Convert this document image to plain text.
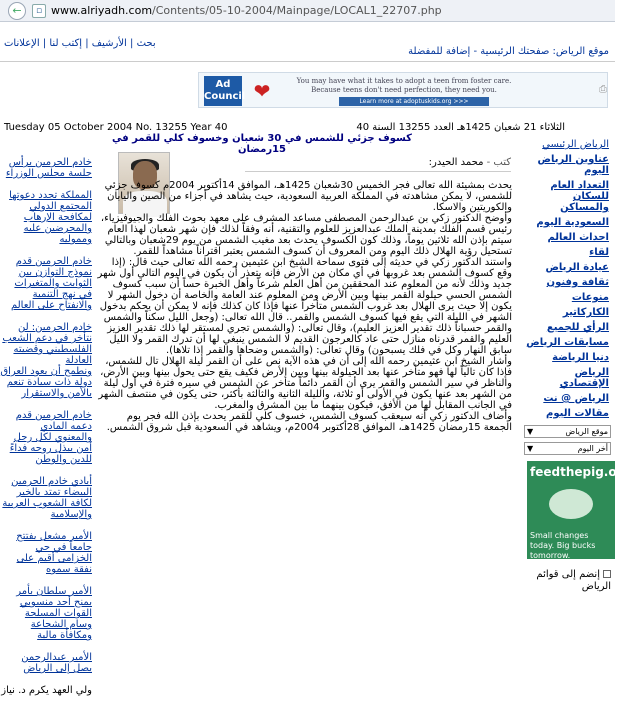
←	▫ www.alriyadh.com/Contents/05-10-2004/Mainpage/LOCAL1_22707.php
بحث | الأرشيف | إكتب لنا | الإعلانات
موقع الرياض: صفحتك الرئيسية - إضافة للمفضلة
Ad Council ❤	You may have what it takes to adopt a teen from foster care. Because teens don't need perfection, they need you.
Learn more at adoptuskids.org >>>
⎙
Tuesday 05 October 2004 No. 13255 Year 40	الثلاثاء 21 شعبان 1425هـ العدد 13255 السنة 40
كسوف جزئي للشمس في 30 شعبان وخسوف كلي للقمر في 15رمضان	الرياض الرئيسي
عناوين الرياض اليوم
التعداد العام للسكان والمساكن
السعودية اليوم
احداث العالم
لقاء
عيادة الرياض
ثقافة وفنون
منوعات
الكاركاتير
الرأي للجميع
مسابقات الرياض
دنيا الرياضة
الرياض الإقتصادي
الرياض @ نت
مقالات اليوم
موقع الرياض
▼
أخر اليوم
▼
feedthepig.org
Small changes today. Big bucks tomorrow.
إنضم إلى قوائم الرياض
خادم الحرمين يرأس جلسة مجلس الوزراء
المملكة تجدد دعوتها المجتمع الدولي لمكافحة الإرهاب والمحرضين عليه ومموليه
خادم الحرمين قدم نموذج التوازن بين الثوابت والمتغيرات في نهج التنمية والانفتاح على العالم
خادم الحرمين: لن نتأخر في دعم الشعب الفلسطيني وقضيته العادلة
ونطمح أن يعود العراق دولة ذات سيادة تنعم بالأمن والاستقرار
خادم الحرمين قدم دعمه المادي والمعنوي لكل رجل أمن يبذل روحه فداءً للدين والوطن
أيادي خادم الحرمين البيضاء تمتد بالخير لكافة الشعوب العربية والإسلامية
الأمير مشعل يفتتح جامعاً في حي الخزامى أقيم على نفقة سموه
الأمير سلطان بأمر بمنح أحد منسوبي القوات المسلحة وسام الشجاعة ومكافأة مالية
الأمير عبدالرحمن يصل إلى الرياض
ولي العهد يكرم د. نياز
كتب - محمد الحيدر:

يحدث بمشيئة الله تعالى فجر الخميس 30شعبان 1425هـ، الموافق 14أكتوبر 2004م كسوف جزئي للشمس، لا يمكن مشاهدته في المملكة العربية السعودية، حيث يشاهد في أجزاء من الصين واليابان والكوريتين والاسكا.

وأوضح الدكتور زكي بن عبدالرحمن المصطفى مساعد المشرف على معهد بحوث الفلك والجيوفيزياء، رئيس قسم الفلك بمدينة الملك عبدالعزيز للعلوم والتقنية، أنه وفقاً لذلك فإن شهر شعبان لهذا العام سيتم بإذن الله ثلاثين يوماً، وذلك كون الكسوف يحدث بعد مغيب الشمس من يوم 29شعبان وبالتالي تستحيل رؤية الهلال ذلك اليوم ومن المعروف أن كسوف الشمس يعتبر اقتراناً مشاهداً للقمر.

واستند الدكتور زكي في حديثه إلى فتوى سماحة الشيخ ابن عثيمين رحمه الله تعالى حيث قال: (إذا وقع كسوف الشمس بعد غروبها في أي مكان من الأرض فإنه يتعذر أن يكون في اليوم التالي أول شهر جديد وذلك لأنه من المعلوم عند المحققين من أهل العلم شرعاً وأهل الخبرة حساً أن سبب كسوف الشمس الحسي حيلولة القمر بينها وبين الأرض ومن المعلوم عند العامة والخاصة أن دخول الشهر لا يكون إلا حيث يرى الهلال بعد غروب الشمس متأخراً عنها فإذا كان كذلك فإنه لا يمكن أن يحكم بدخول الشهر في الليلة التي يقع فيها كسوف الشمس والقمر.. قال الله تعالى: (وجعل الليل سكناً والشمس والقمر حسباناً ذلك تقدير العزيز العليم)، وقال تعالى: (والشمس تجري لمستقر لها ذلك تقدير العزيز العليم والقمر قدرناه منازل حتى عاد كالعرجون القديم لا الشمس ينبغي لها أن تدرك القمر ولا الليل سابق النهار وكل في فلك يسبحون) وقال تعالى: (والشمس وضحاها والقمر إذا تلاها).

وأشار الشيخ ابن عثيمين رحمه الله إلى أن في هذه الآية نص على أن القمر ليلة الهلال تال للشمس، فإذا كان تالياً لها فهو متأخر عنها بعد الحيلولة بينها وبين الأرض فكيف يقع حتى يحول بينها وبين الأرض، والناظر في سير الشمس والقمر يرى أن القمر دائماً متأخر عن الشمس في سيره فترة في أول ليلة من الشهر بعد عنها يكون في الأولى أو ثلاثة، والليلة الثانية والثالثة بأكثر، حتى يكون في منتصف الشهر في الجانب المقابل لها من الأفق، فيكون بينهما ما بين المشرق والمغرب.

وأضاف الدكتور زكي أنه سيعقب كسوف الشمس، خسوف كلي للقمر يحدث بإذن الله فجر يوم الجمعة 15رمضان 1425هـ، الموافق 28أكتوبر 2004م، ويشاهد في السعودية قبل شروق الشمس.
